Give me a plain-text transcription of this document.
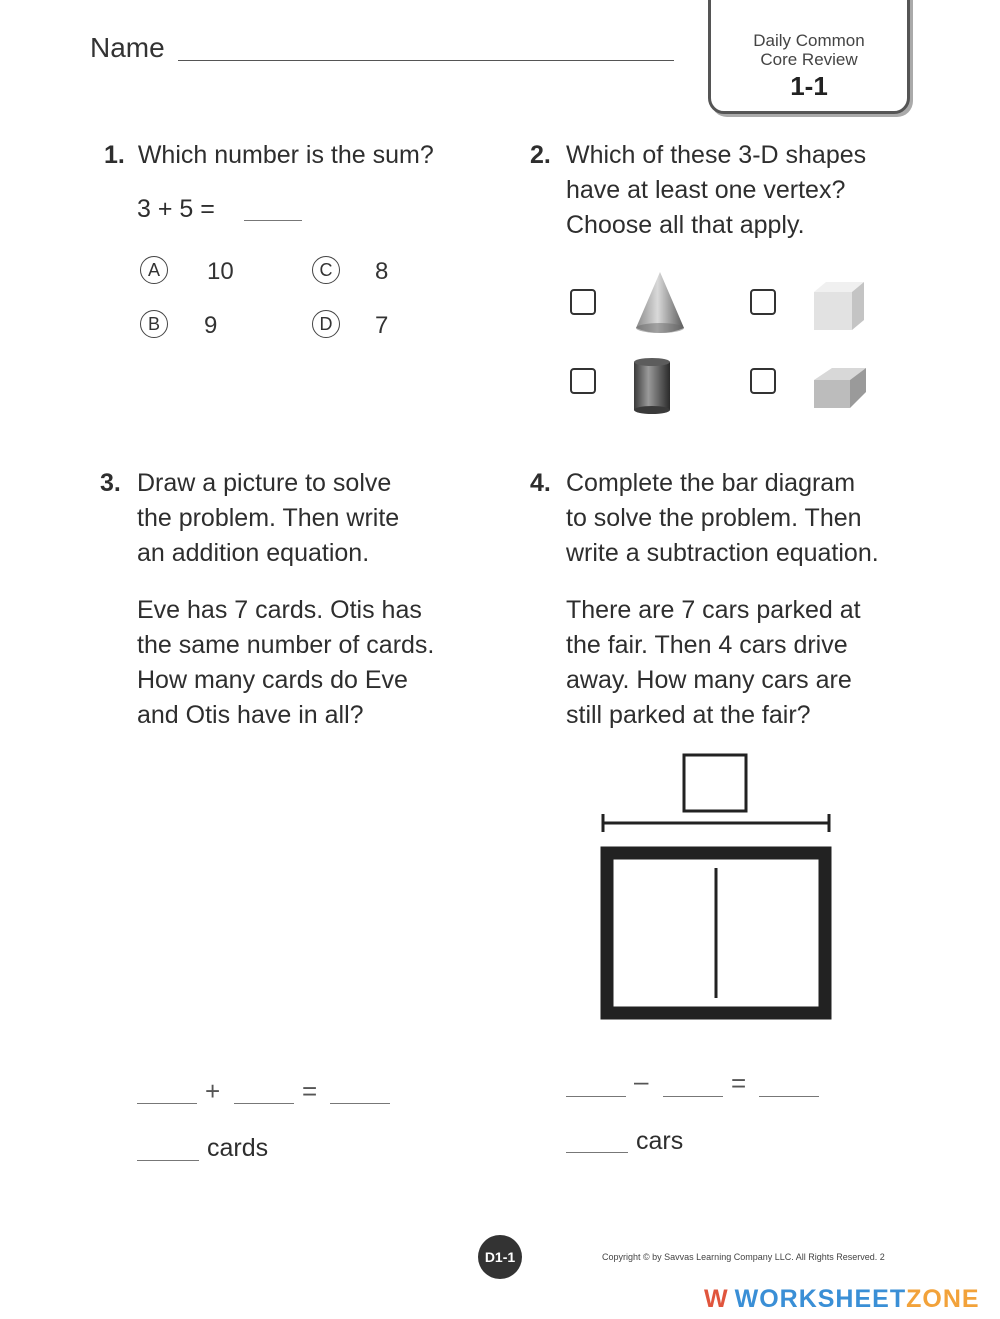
Name	Daily Common
Core Review
1-1
1. Which number is the sum?
3 + 5 =
A	10	C	8
B	9	D	7
2. Which of these 3-D shapes
have at least one vertex?
Choose all that apply.
3. Draw a picture to solve
the problem. Then write
an addition equation.
Eve has 7 cards. Otis has
the same number of cards.
How many cards do Eve
and Otis have in all?
+	=
cards
4. Complete the bar diagram
to solve the problem. Then
write a subtraction equation.
There are 7 cars parked at
the fair. Then 4 cars drive
away. How many cars are
still parked at the fair?
–	=
cars
D1-1	Copyright © by Savvas Learning Company LLC. All Rights Reserved. 2
W WORKSHEETZONE
